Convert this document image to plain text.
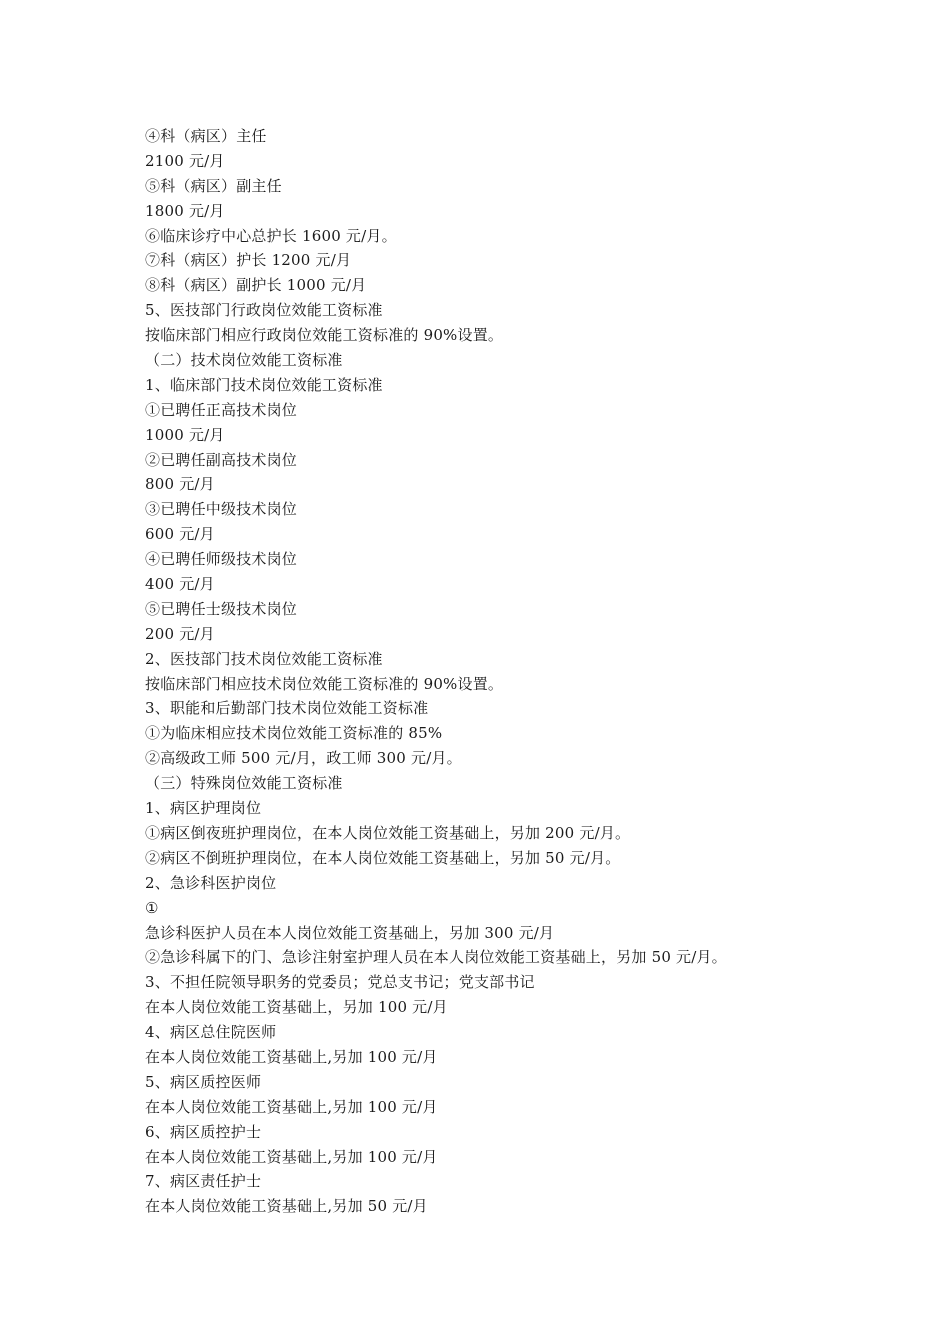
④科（病区）主任
2100 元/月
⑤科（病区）副主任
1800 元/月
⑥临床诊疗中心总护长 1600 元/月。
⑦科（病区）护长 1200 元/月
⑧科（病区）副护长 1000 元/月
5、医技部门行政岗位效能工资标准
按临床部门相应行政岗位效能工资标准的 90%设置。
（二）技术岗位效能工资标准
1、临床部门技术岗位效能工资标准
①已聘任正高技术岗位
1000 元/月
②已聘任副高技术岗位
800 元/月
③已聘任中级技术岗位
600 元/月
④已聘任师级技术岗位
400 元/月
⑤已聘任士级技术岗位
200 元/月
2、医技部门技术岗位效能工资标准
按临床部门相应技术岗位效能工资标准的 90%设置。
3、职能和后勤部门技术岗位效能工资标准
①为临床相应技术岗位效能工资标准的 85%
②高级政工师 500 元/月，政工师 300 元/月。
（三）特殊岗位效能工资标准
1、病区护理岗位
①病区倒夜班护理岗位，在本人岗位效能工资基础上，另加 200 元/月。
②病区不倒班护理岗位，在本人岗位效能工资基础上，另加 50 元/月。
2、急诊科医护岗位
①
急诊科医护人员在本人岗位效能工资基础上，另加 300 元/月
②急诊科属下的门、急诊注射室护理人员在本人岗位效能工资基础上，另加 50 元/月。
3、不担任院领导职务的党委员；党总支书记；党支部书记
在本人岗位效能工资基础上，另加 100 元/月
4、病区总住院医师
在本人岗位效能工资基础上,另加 100 元/月
5、病区质控医师
在本人岗位效能工资基础上,另加 100 元/月
6、病区质控护士
在本人岗位效能工资基础上,另加 100 元/月
7、病区责任护士
在本人岗位效能工资基础上,另加 50 元/月
